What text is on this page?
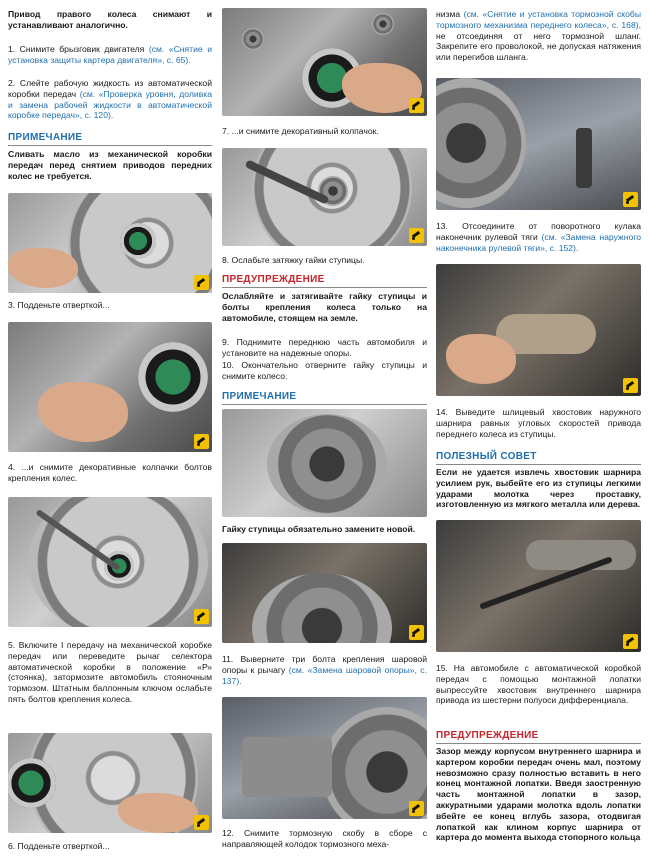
Привод правого колеса снимают и устанавливают аналогично.

1. Снимите брызговик двигателя (см. «Снятие и установка защиты картера двигателя», с. 65).

2. Слейте рабочую жидкость из автоматической коробки передач (см. «Проверка уровня, доливка и замена рабочей жидкости в автоматической коробке передач», с. 120).

ПРИМЕЧАНИЕ

Сливать масло из механической коробки передач перед снятием приводов передних колес не требуется.

3. Подденьте отверткой...

4. ...и снимите декоративные колпачки болтов крепления колес.

5. Включите I передачу на механической коробке передач или переведите рычаг селектора автоматической коробки в положение «Р» (стоянка), затормозите автомобиль стояночным тормозом. Штатным баллонным ключом ослабьте пять болтов крепления колеса.

6. Подденьте отверткой...

7. ...и снимите декоративный колпачок.

8. Ослабьте затяжку гайки ступицы.

ПРЕДУПРЕЖДЕНИЕ

Ослабляйте и затягивайте гайку ступицы и болты крепления колеса только на автомобиле, стоящем на земле.

9. Поднимите переднюю часть автомобиля и установите на надежные опоры.

10. Окончательно отверните гайку ступицы и снимите колесо.

ПРИМЕЧАНИЕ

Гайку ступицы обязательно замените новой.

11. Выверните три болта крепления шаровой опоры к рычагу (см. «Замена шаровой опоры», с. 137).

12. Снимите тормозную скобу в сборе с направляющей колодок тормозного меха-

низма (см. «Снятие и установка тормозной скобы тормозного механизма переднего колеса», с. 168), не отсоединяя от него тормозной шланг. Закрепите его проволокой, не допуская натяжения или перегибов шланга.

13. Отсоедините от поворотного кулака наконечник рулевой тяги (см. «Замена наружного наконечника рулевой тяги», с. 152).

14. Выведите шлицевый хвостовик наружного шарнира равных угловых скоростей привода переднего колеса из ступицы.

ПОЛЕЗНЫЙ СОВЕТ

Если не удается извлечь хвостовик шарнира усилием рук, выбейте его из ступицы легкими ударами молотка через проставку, изготовленную из мягкого металла или дерева.

15. На автомобиле с автоматической коробкой передач с помощью монтажной лопатки выпрессуйте хвостовик внутреннего шарнира привода из шестерни полуоси дифференциала.

ПРЕДУПРЕЖДЕНИЕ

Зазор между корпусом внутреннего шарнира и картером коробки передач очень мал, поэтому невозможно сразу полностью вставить в него конец монтажной лопатки. Введя заостренную часть монтажной лопатки в зазор, аккуратными ударами молотка вдоль лопатки вбейте ее конец вглубь зазора, отодвигая лопаткой как клином корпус шарнира от картера до момента выхода стопорного кольца
